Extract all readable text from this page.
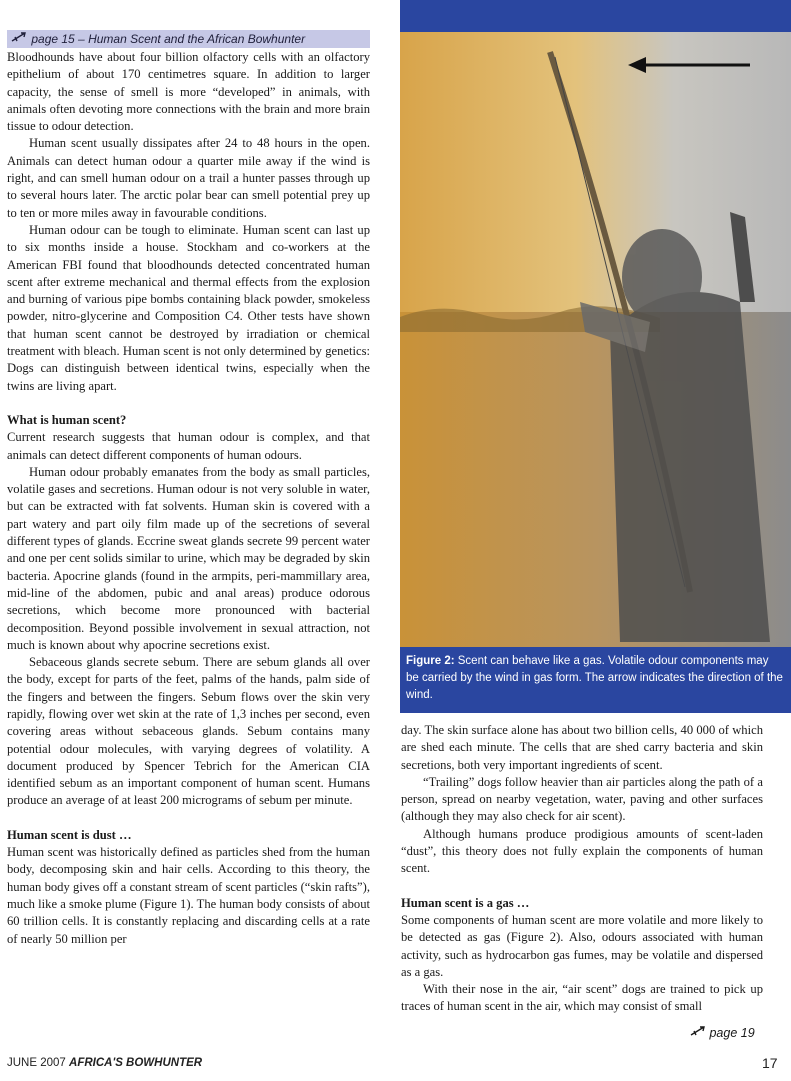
page 15 – Human Scent and the African Bowhunter

Bloodhounds have about four billion olfactory cells with an olfactory epithelium of about 170 centimetres square. In addition to larger capacity, the sense of smell is more “developed” in animals, with animals often devoting more connections with the brain and more brain tissue to odour detection.

Human scent usually dissipates after 24 to 48 hours in the open. Animals can detect human odour a quarter mile away if the wind is right, and can smell human odour on a trail a hunter passes through up to several hours later. The arctic polar bear can smell potential prey up to ten or more miles away in favourable conditions.

Human odour can be tough to eliminate. Human scent can last up to six months inside a house. Stockham and co-workers at the American FBI found that bloodhounds detected concentrated human scent after extreme mechanical and thermal effects from the explosion and burning of various pipe bombs containing black powder, smokeless powder, nitro-glycerine and Composition C4. Other tests have shown that human scent cannot be destroyed by irradiation or chemical treatment with bleach. Human scent is not only determined by genetics: Dogs can distinguish between identical twins, especially when the twins are living apart.

What is human scent?

Current research suggests that human odour is complex, and that animals can detect different components of human odours.

Human odour probably emanates from the body as small particles, volatile gases and secretions. Human odour is not very soluble in water, but can be extracted with fat solvents. Human skin is covered with a part watery and part oily film made up of the secretions of several different types of glands. Eccrine sweat glands secrete 99 percent water and one per cent solids similar to urine, which may be degraded by skin bacteria. Apocrine glands (found in the armpits, peri-mammillary area, mid-line of the abdomen, pubic and anal areas) produce odorous secretions, which become more pronounced with bacterial decomposition. Beyond possible involvement in sexual attraction, not much is known about why apocrine secretions exist.

Sebaceous glands secrete sebum. There are sebum glands all over the body, except for parts of the feet, palms of the hands, palm side of the fingers and between the fingers. Sebum flows over the skin very rapidly, flowing over wet skin at the rate of 1,3 inches per second, even covering areas without sebaceous glands. Sebum contains many potential odour molecules, with varying degrees of volatility. A document produced by Spencer Tebrich for the American CIA identified sebum as an important component of human scent. Humans produce an average of at least 200 micrograms of sebum per minute.

Human scent is dust …

Human scent was historically defined as particles shed from the human body, decomposing skin and hair cells. According to this theory, the human body gives off a constant stream of scent particles (“skin rafts”), much like a smoke plume (Figure 1). The human body consists of about 60 trillion cells. It is constantly replacing and discarding cells at a rate of nearly 50 million per

Figure 2: Scent can behave like a gas. Volatile odour components may be carried by the wind in gas form. The arrow indicates the direction of the wind.

day. The skin surface alone has about two billion cells, 40 000 of which are shed each minute. The cells that are shed carry bacteria and skin secretions, both very important ingredients of scent.

“Trailing” dogs follow heavier than air particles along the path of a person, spread on nearby vegetation, water, paving and other surfaces (although they may also check for air scent).

Although humans produce prodigious amounts of scent-laden “dust”, this theory does not fully explain the components of human scent.

Human scent is a gas …

Some components of human scent are more volatile and more likely to be detected as gas (Figure 2). Also, odours associated with human activity, such as hydrocarbon gas fumes, may be volatile and dispersed as a gas.

With their nose in the air, “air scent” dogs are trained to pick up traces of human scent in the air, which may consist of small

page 19
JUNE 2007 AFRICA'S BOWHUNTER	17
